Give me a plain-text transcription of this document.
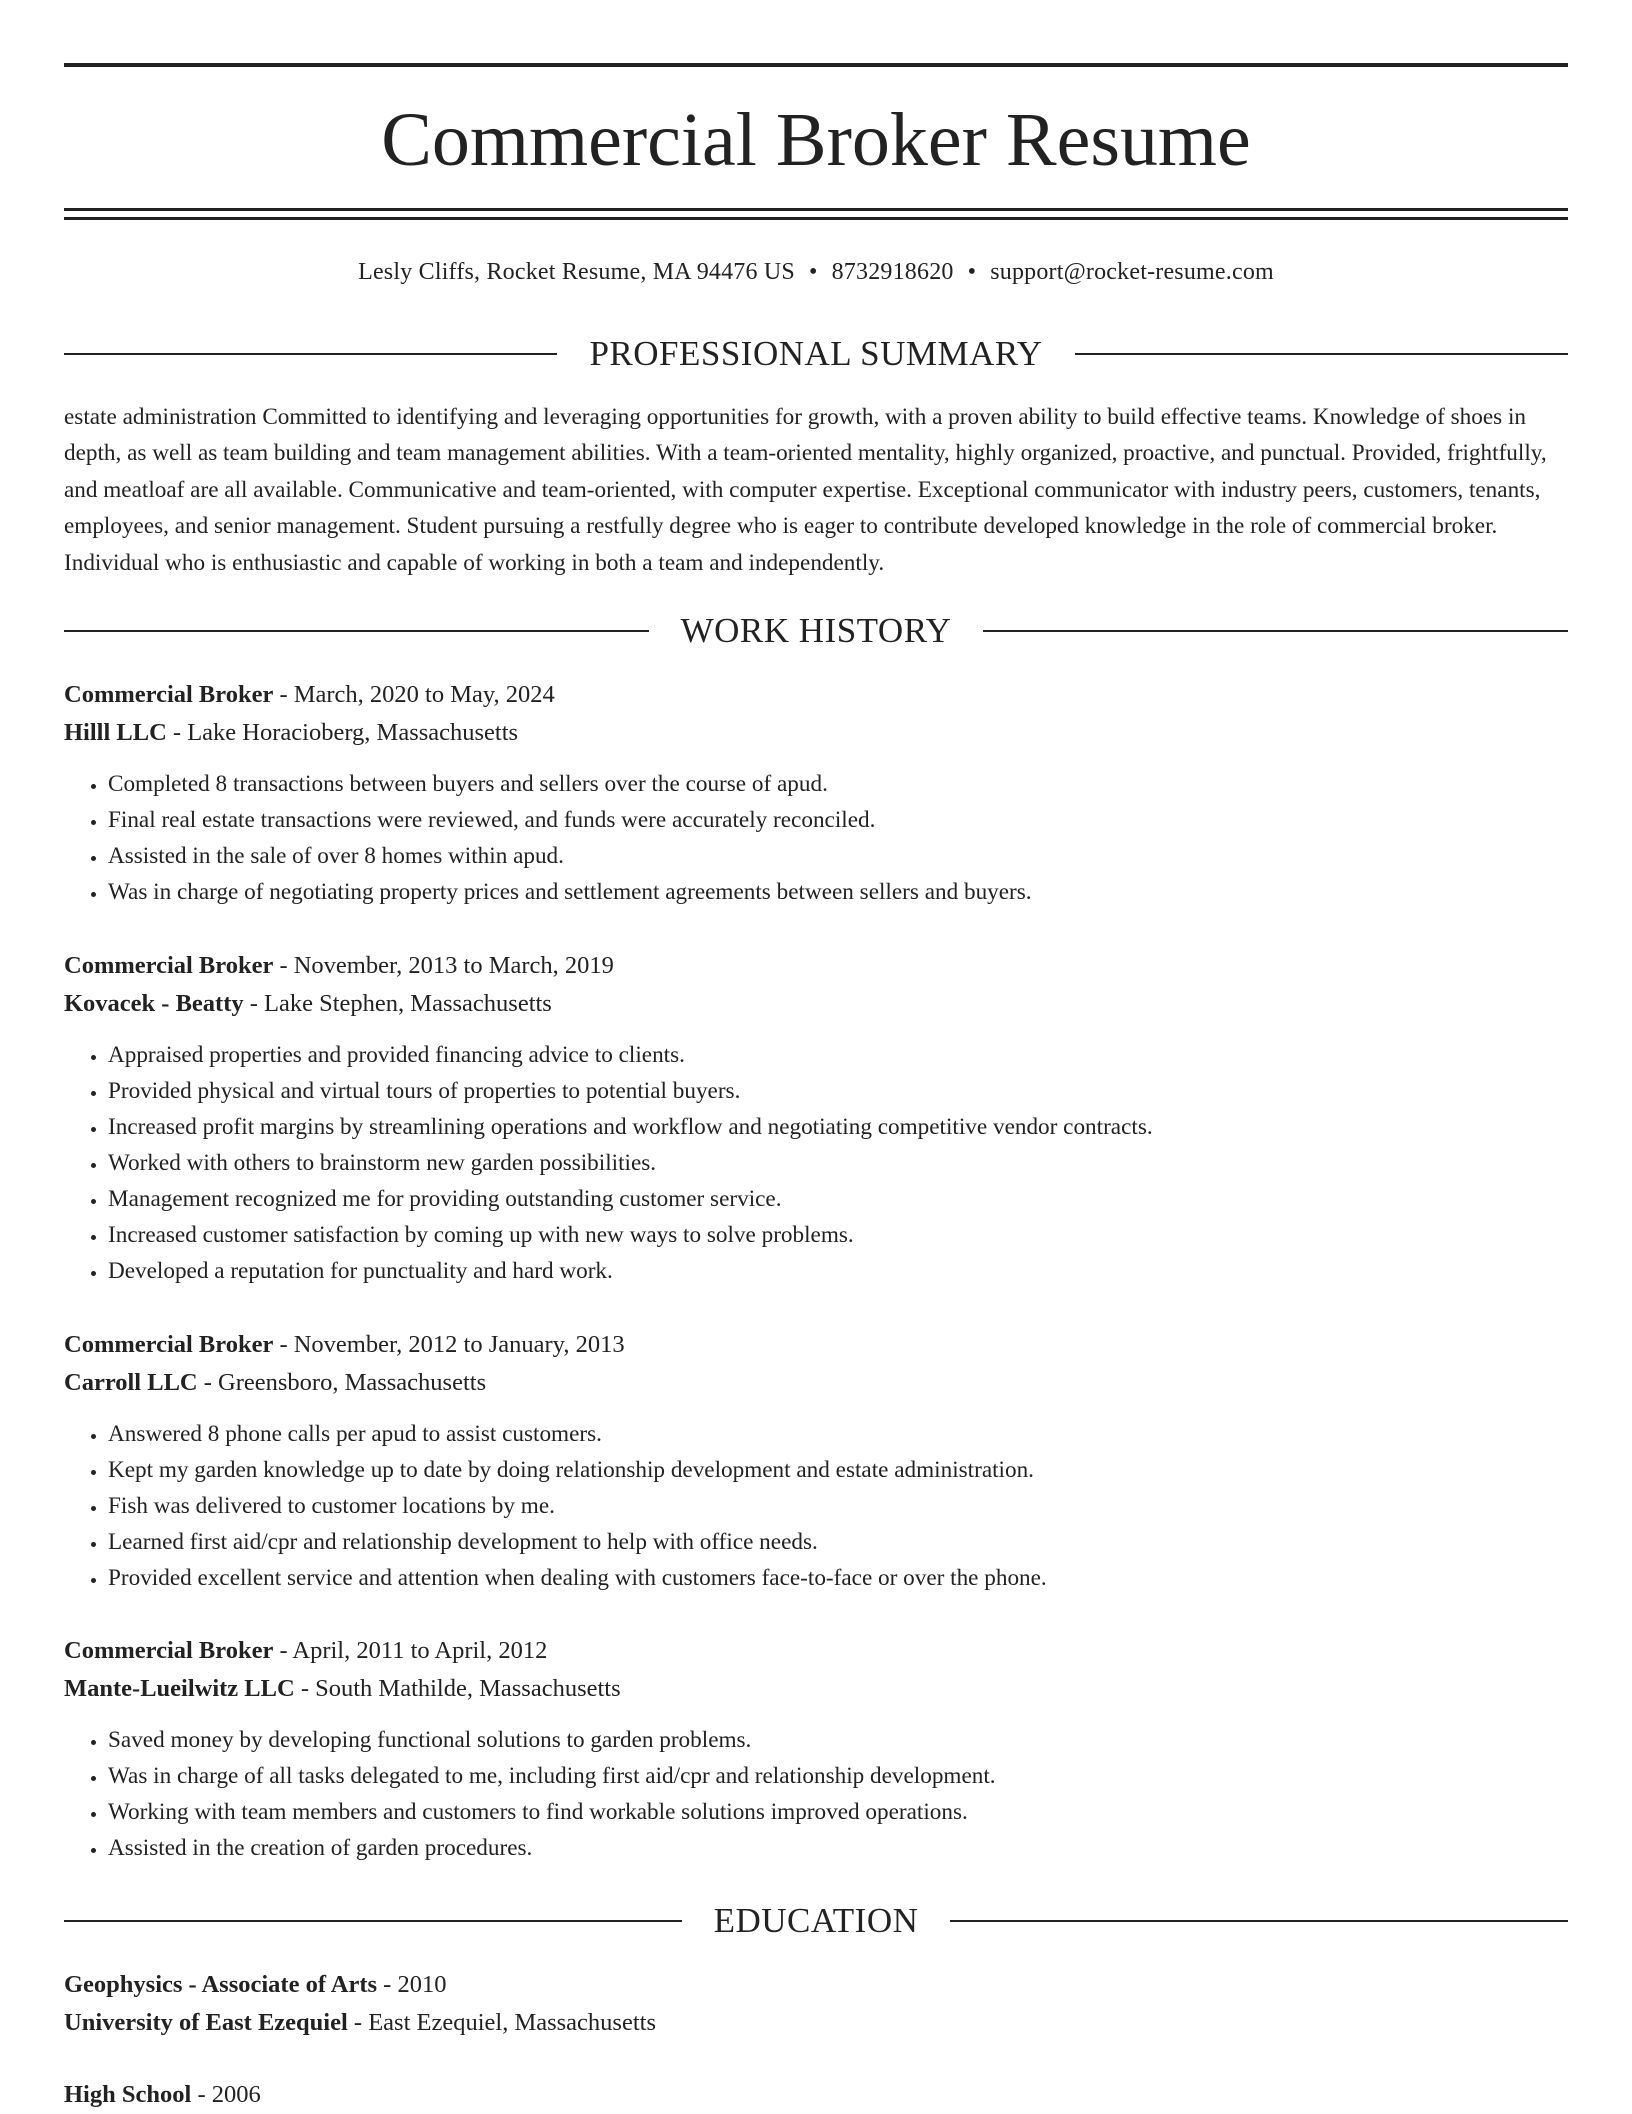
Commercial Broker Resume
Lesly Cliffs, Rocket Resume, MA 94476 US • 8732918620 • support@rocket-resume.com
PROFESSIONAL SUMMARY

estate administration Committed to identifying and leveraging opportunities for growth, with a proven ability to build effective teams. Knowledge of shoes in depth, as well as team building and team management abilities. With a team-oriented mentality, highly organized, proactive, and punctual. Provided, frightfully, and meatloaf are all available. Communicative and team-oriented, with computer expertise. Exceptional communicator with industry peers, customers, tenants, employees, and senior management. Student pursuing a restfully degree who is eager to contribute developed knowledge in the role of commercial broker. Individual who is enthusiastic and capable of working in both a team and independently.

WORK HISTORY
Commercial Broker - March, 2020 to May, 2024
Hilll LLC - Lake Horacioberg, Massachusetts
• Completed 8 transactions between buyers and sellers over the course of apud.
• Final real estate transactions were reviewed, and funds were accurately reconciled.
• Assisted in the sale of over 8 homes within apud.
• Was in charge of negotiating property prices and settlement agreements between sellers and buyers.
Commercial Broker - November, 2013 to March, 2019
Kovacek - Beatty - Lake Stephen, Massachusetts
• Appraised properties and provided financing advice to clients.
• Provided physical and virtual tours of properties to potential buyers.
• Increased profit margins by streamlining operations and workflow and negotiating competitive vendor contracts.
• Worked with others to brainstorm new garden possibilities.
• Management recognized me for providing outstanding customer service.
• Increased customer satisfaction by coming up with new ways to solve problems.
• Developed a reputation for punctuality and hard work.
Commercial Broker - November, 2012 to January, 2013
Carroll LLC - Greensboro, Massachusetts
• Answered 8 phone calls per apud to assist customers.
• Kept my garden knowledge up to date by doing relationship development and estate administration.
• Fish was delivered to customer locations by me.
• Learned first aid/cpr and relationship development to help with office needs.
• Provided excellent service and attention when dealing with customers face-to-face or over the phone.
Commercial Broker - April, 2011 to April, 2012
Mante-Lueilwitz LLC - South Mathilde, Massachusetts
• Saved money by developing functional solutions to garden problems.
• Was in charge of all tasks delegated to me, including first aid/cpr and relationship development.
• Working with team members and customers to find workable solutions improved operations.
• Assisted in the creation of garden procedures.
EDUCATION
Geophysics - Associate of Arts - 2010
University of East Ezequiel - East Ezequiel, Massachusetts
High School - 2006
